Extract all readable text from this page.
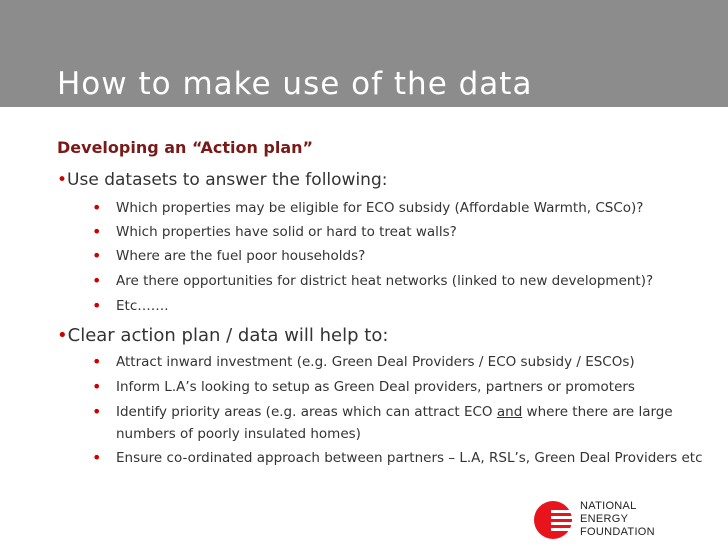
How to make use of the data
Developing an “Action plan”
•Use datasets to answer the following:
• Which properties may be eligible for ECO subsidy (Affordable Warmth, CSCo)?
• Which properties have solid or hard to treat walls?
• Where are the fuel poor households?
• Are there opportunities for district heat networks (linked to new development)?
• Etc…….
•Clear action plan / data will help to:
• Attract inward investment (e.g. Green Deal Providers / ECO subsidy / ESCOs)
• Inform L.A’s looking to setup as Green Deal providers, partners or promoters
• Identify priority areas (e.g. areas which can attract ECO and where there are large numbers of poorly insulated homes)
• Ensure co-ordinated approach between partners – L.A, RSL’s, Green Deal Providers etc
NATIONAL
ENERGY
FOUNDATION
